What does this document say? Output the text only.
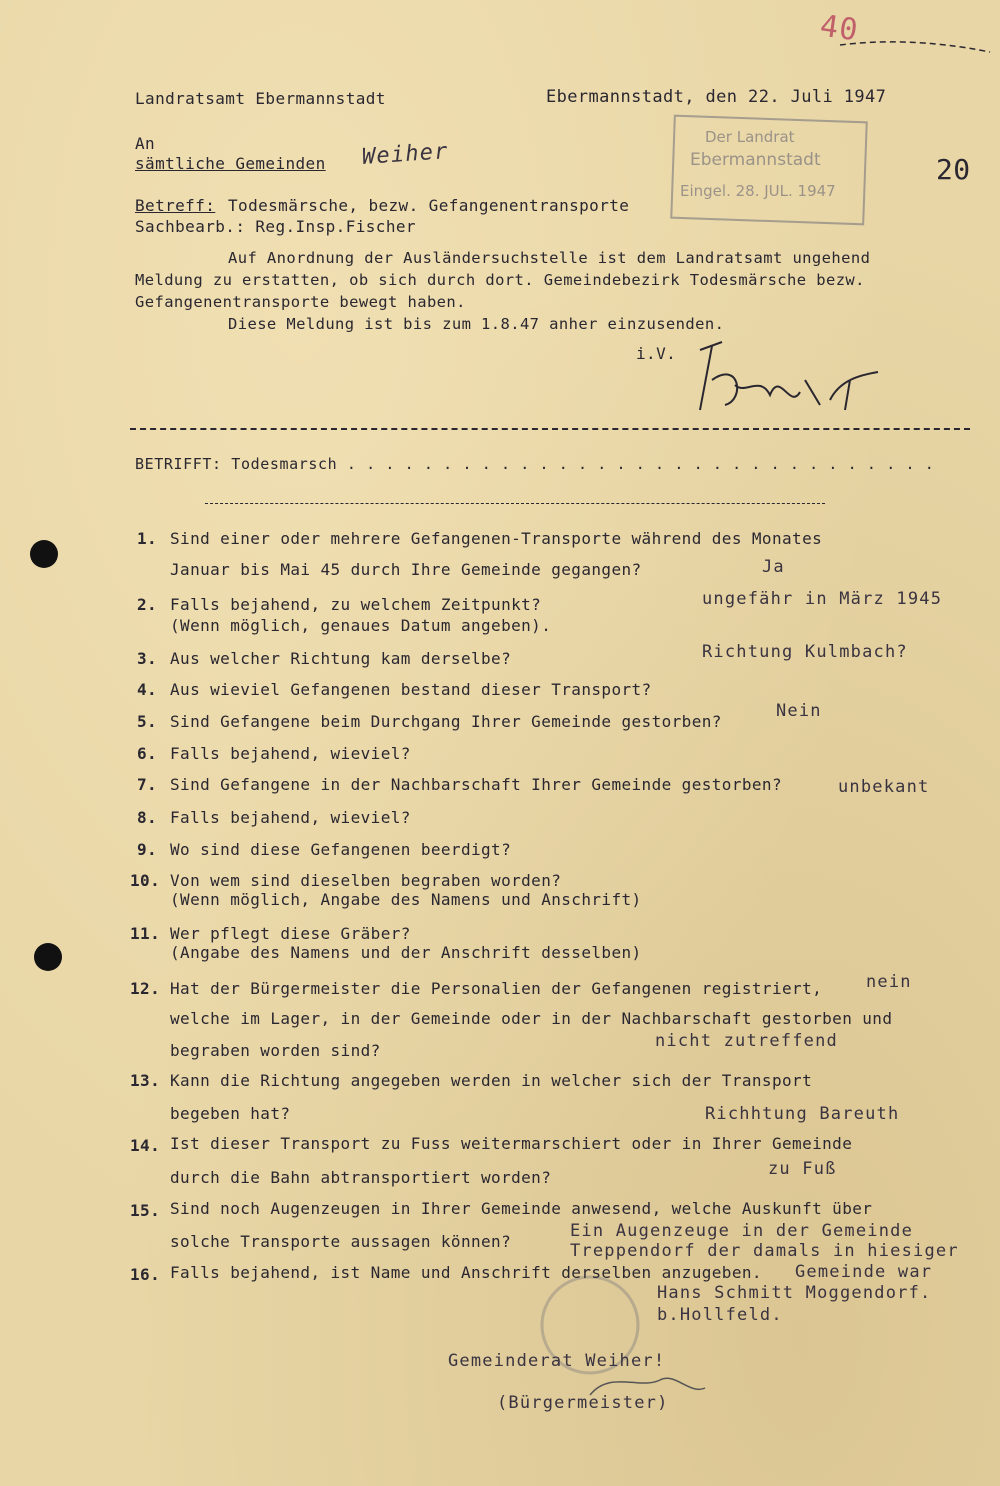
Landratsamt Ebermannstadt	Ebermannstadt, den 22. Juli 1947
40
20
Der Landrat
Ebermannstadt
Eingel. 28. JUL. 1947
An
sämtliche Gemeinden Weiher
Betreff: Todesmärsche, bezw. Gefangenentransporte
Sachbearb.: Reg.Insp.Fischer
Auf Anordnung der Ausländersuchstelle ist dem Landratsamt ungehend
Meldung zu erstatten, ob sich durch dort. Gemeindebezirk Todesmärsche bezw.
Gefangenentransporte bewegt haben.
Diese Meldung ist bis zum 1.8.47 anher einzusenden.
i.V.
BETRIFFT: Todesmarsch . . . . . . . . . . . . . . . . . . . . . . . . . . . . . . .
1. Sind einer oder mehrere Gefangenen-Transporte während des Monates
Januar bis Mai 45 durch Ihre Gemeinde gegangen?
2. Falls bejahend, zu welchem Zeitpunkt?
(Wenn möglich, genaues Datum angeben).
3. Aus welcher Richtung kam derselbe?
4. Aus wieviel Gefangenen bestand dieser Transport?
5. Sind Gefangene beim Durchgang Ihrer Gemeinde gestorben?
6. Falls bejahend, wieviel?
7. Sind Gefangene in der Nachbarschaft Ihrer Gemeinde gestorben?
8. Falls bejahend, wieviel?
9. Wo sind diese Gefangenen beerdigt?
10. Von wem sind dieselben begraben worden?
(Wenn möglich, Angabe des Namens und Anschrift)
11. Wer pflegt diese Gräber?
(Angabe des Namens und der Anschrift desselben)
12. Hat der Bürgermeister die Personalien der Gefangenen registriert,
welche im Lager, in der Gemeinde oder in der Nachbarschaft gestorben und
begraben worden sind?
13. Kann die Richtung angegeben werden in welcher sich der Transport
begeben hat?
14. Ist dieser Transport zu Fuss weitermarschiert oder in Ihrer Gemeinde
durch die Bahn abtransportiert worden?
15. Sind noch Augenzeugen in Ihrer Gemeinde anwesend, welche Auskunft über
solche Transporte aussagen können?
16. Falls bejahend, ist Name und Anschrift derselben anzugeben.
Ja
ungefähr in März 1945
Richtung Kulmbach?
Nein
unbekant
nein
nicht zutreffend
Richhtung Bareuth
zu Fuß
Ein Augenzeuge in der Gemeinde
Treppendorf der damals in hiesiger
Gemeinde war
Hans Schmitt Moggendorf.
b.Hollfeld.
Gemeinderat Weiher!
(Bürgermeister)
